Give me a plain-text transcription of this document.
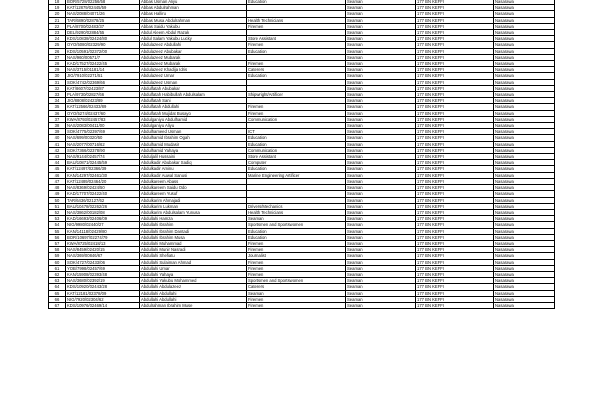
18	BOR/5728/02256/58	Abbas Usman Aliyu	Education	Seaman	177 BN KEFFI	Nasarawa
19	KAT/12879/02445/59	Abbas Abdulrahman		Seaman	177 BN KEFFI	Nasarawa
20	NAS/2088/04071/26	Abbas Halliru		Seaman	177 BN KEFFI	Nasarawa
21	TAR/6890/02878/25	Abbas Musa Abdulrahman	Health Technicians	Seaman	177 BN KEFFI	Nasarawa
22	PLA/8700/02483/37	Abbas Saidu Yakubu	Firemen	Seaman	177 BN KEFFI	Nasarawa
23	DEL/9290/02884/55	Abdul Aleem Abdul Razak		Seaman	177 BN KEFFI	Nasarawa
24	KDS/10838/02424/80	Abdul Salam Yakubu Lucky	Store Assistant	Seaman	177 BN KEFFI	Nasarawa
25	OYO/5080/02329/90	Abdulazeez Abdullahi	Firemen	Seaman	177 BN KEFFI	Nasarawa
26	KDS/10591/02372/00	Abdulazeez Abubakar	Education	Seaman	177 BN KEFFI	Nasarawa
27	NAS/960/00571/7	Abdulazeez Mubarak		Seaman	177 BN KEFFI	Nasarawa
28	KAD/17527/02422/45	Abdulazeez Mubarak	Firemen	Seaman	177 BN KEFFI	Nasarawa
29	NAS/3715/01181/14	Abdulazeez Khadija Idris	Caterers	Seaman	177 BN KEFFI	Nasarawa
30	JIG/7910/02271/51	Abdulazeez Umar	Education	Seaman	177 BN KEFFI	Nasarawa
31	SOK/4742/02369/66	Abdulazeez Usman		Seaman	177 BN KEFFI	Nasarawa
32	KAT/8607/02423/87	Abdulfatah Abubakar		Seaman	177 BN KEFFI	Nasarawa
33	PLA/9730/02827/66	Abdulfatah Habibullah Abdulsalam	Shipwright/Artificer	Seaman	177 BN KEFFI	Nasarawa
34	JIG/8808/02423/89	Abdulfatah Sani		Seaman	177 BN KEFFI	Nasarawa
35	KAT/12566/02433/89	Abdulfatah Abdullahi	Firemen	Seaman	177 BN KEFFI	Nasarawa
36	OYO/5274/02437/60	Abdulfatah Mujidat Busayo	Firemen	Seaman	177 BN KEFFI	Nasarawa
37	KWA/8793/02457/83	Abdulganiyu Abdulhamid	Communication	Seaman	177 BN KEFFI	Nasarawa
38	NAS/2083/00411/00	Abdulganiyu Aliyu		Seaman	177 BN KEFFI	Nasarawa
39	SOK/4775/02397/69	Abdulhameed Usman	ICT	Seaman	177 BN KEFFI	Nasarawa
40	NAS/699/00320/50	Abdulhamid Ibrahim Ogah	Education	Seaman	177 BN KEFFI	Nasarawa
41	NAS/2077/00716/62	Abdulhamid Mudasir	Education	Seaman	177 BN KEFFI	Nasarawa
42	SOK/7366/02378/90	Abdulhamid Yahaya	Communication	Seaman	177 BN KEFFI	Nasarawa
43	NAS/9144/02457/74	Abduljalil Hussaini	Store Assistant	Seaman	177 BN KEFFI	Nasarawa
44	BAU/10871/02445/59	Abdulkadir Abubakar Sadiq	Computer	Seaman	177 BN KEFFI	Nasarawa
45	KAT/12497/02366/39	Abdulkadir Aminu	Education	Seaman	177 BN KEFFI	Nasarawa
46	KAN/14297/02461/30	Abdulkadir Auwal Sanusi	Marine Engineering Artificer	Seaman	177 BN KEFFI	Nasarawa
47	KAT/12489/02464/20	Abdulkareem Abass		Seaman	177 BN KEFFI	Nasarawa
48	NAS/8369/02424/50	Abdulkareem Saidu Odo		Seaman	177 BN KEFFI	Nasarawa
49	KAD/17707/02422/40	Abdulkareem Yusuf		Seaman	177 BN KEFFI	Nasarawa
50	TAR/6436/02127/62	Abdulkarim Ahmajadi		Seaman	177 BN KEFFI	Nasarawa
51	BAU/10478/02262/26	Abdulkarim Lukman	Drivers/Mechanics	Seaman	177 BN KEFFI	Nasarawa
52	NAS/3862/00182/08	Abdulkarim Abdulsalam Yunusa	Health Technicians	Seaman	177 BN KEFFI	Nasarawa
53	KAD/16693/02406/09	Abdullahi Hamza	Seaman	Seaman	177 BN KEFFI	Nasarawa
54	NIG/9980/02440/27	Abdullahi Ibrahim	Sportsmen and Sportswomen	Seaman	177 BN KEFFI	Nasarawa
55	KAN/14118/02429/80	Abdullahi Ibrahim Dantadi	Education	Seaman	177 BN KEFFI	Nasarawa
56	BOR/10697/02274/79	Abdullahi Ibrahim Musa	Education	Seaman	177 BN KEFFI	Nasarawa
57	KWA/8725/02418/13	Abdullahi Muhammad	Firemen	Seaman	177 BN KEFFI	Nasarawa
58	NAS/8459/02420/15	Abdullahi Munir Nasradi	Firemen	Seaman	177 BN KEFFI	Nasarawa
59	NAS/369/00846/67	Abdullahi Shefiatu	Journalist	Seaman	177 BN KEFFI	Nasarawa
60	SOK/4727/02433/06	Abdullahi Sulaiman Ahmad	Firemen	Seaman	177 BN KEFFI	Nasarawa
61	YOB/7998/02457/69	Abdullahi Umar	Firemen	Seaman	177 BN KEFFI	Nasarawa
62	KAN/15908/02393/48	Abdullahi Yahaya	Firemen	Seaman	177 BN KEFFI	Nasarawa
63	NAS/3680/02392/19	Abdullahi Yakubu Mohammed	Sportsmen and Sportswomen	Seaman	177 BN KEFFI	Nasarawa
64	KDS/10920/02443/28	Abdullahi Abdulazeez	Caterers	Seaman	177 BN KEFFI	Nasarawa
65	KAT/12181/02378/09	Abdullahi Abdullahi	Seaman	Seaman	177 BN KEFFI	Nasarawa
66	NIG/7920/02304/62	Abdullahi Abdullahi	Firemen	Seaman	177 BN KEFFI	Nasarawa
67	KDS/10976/02469/14	Abdulrahman Ibrahim Muse	Firemen	Seaman	177 BN KEFFI	Nasarawa
